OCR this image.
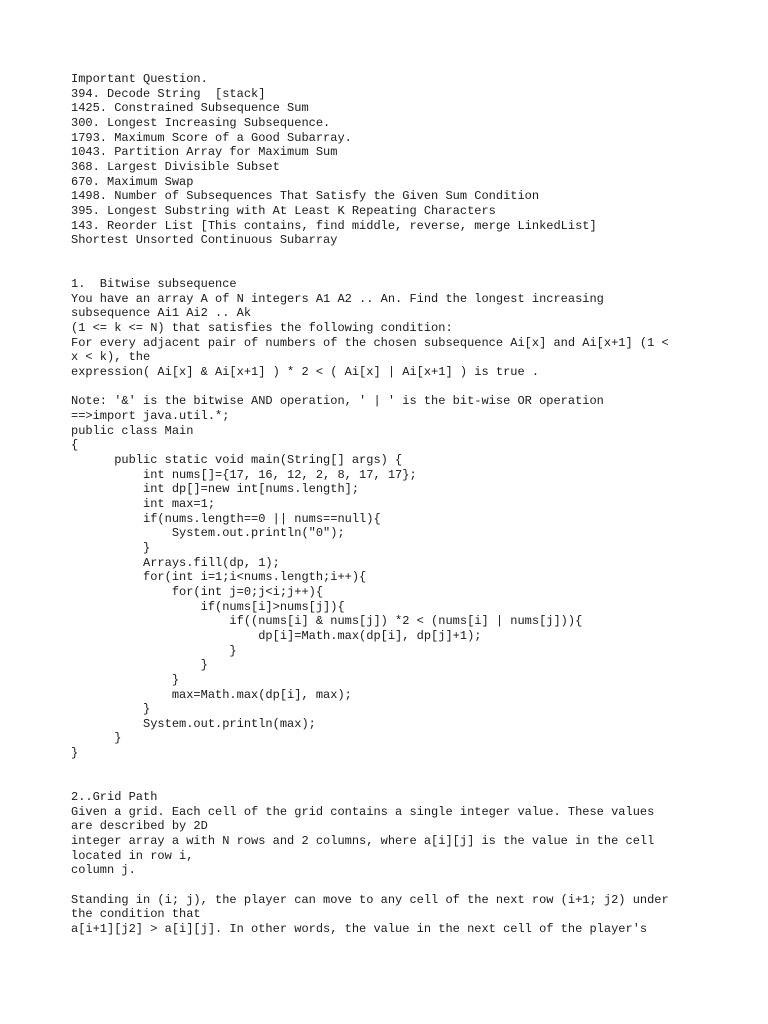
Important Question.
394. Decode String  [stack]
1425. Constrained Subsequence Sum
300. Longest Increasing Subsequence.
1793. Maximum Score of a Good Subarray.
1043. Partition Array for Maximum Sum
368. Largest Divisible Subset
670. Maximum Swap
1498. Number of Subsequences That Satisfy the Given Sum Condition
395. Longest Substring with At Least K Repeating Characters
143. Reorder List [This contains, find middle, reverse, merge LinkedList]
Shortest Unsorted Continuous Subarray
1.  Bitwise subsequence
You have an array A of N integers A1 A2 .. An. Find the longest increasing
subsequence Ai1 Ai2 .. Ak
(1 <= k <= N) that satisfies the following condition:
For every adjacent pair of numbers of the chosen subsequence Ai[x] and Ai[x+1] (1 <
x < k), the
expression( Ai[x] & Ai[x+1] ) * 2 < ( Ai[x] | Ai[x+1] ) is true .
Note: '&' is the bitwise AND operation, ' | ' is the bit-wise OR operation
==>import java.util.*;
public class Main
{
public static void main(String[] args) {
int nums[]={17, 16, 12, 2, 8, 17, 17};
int dp[]=new int[nums.length];
int max=1;
if(nums.length==0 || nums==null){
System.out.println("0");
}
Arrays.fill(dp, 1);
for(int i=1;i<nums.length;i++){
for(int j=0;j<i;j++){
if(nums[i]>nums[j]){
if((nums[i] & nums[j]) *2 < (nums[i] | nums[j])){
dp[i]=Math.max(dp[i], dp[j]+1);
}
}
}
max=Math.max(dp[i], max);
}
System.out.println(max);
}
}
2..Grid Path
Given a grid. Each cell of the grid contains a single integer value. These values
are described by 2D
integer array a with N rows and 2 columns, where a[i][j] is the value in the cell
located in row i,
column j.
Standing in (i; j), the player can move to any cell of the next row (i+1; j2) under
the condition that
a[i+1][j2] > a[i][j]. In other words, the value in the next cell of the player's
